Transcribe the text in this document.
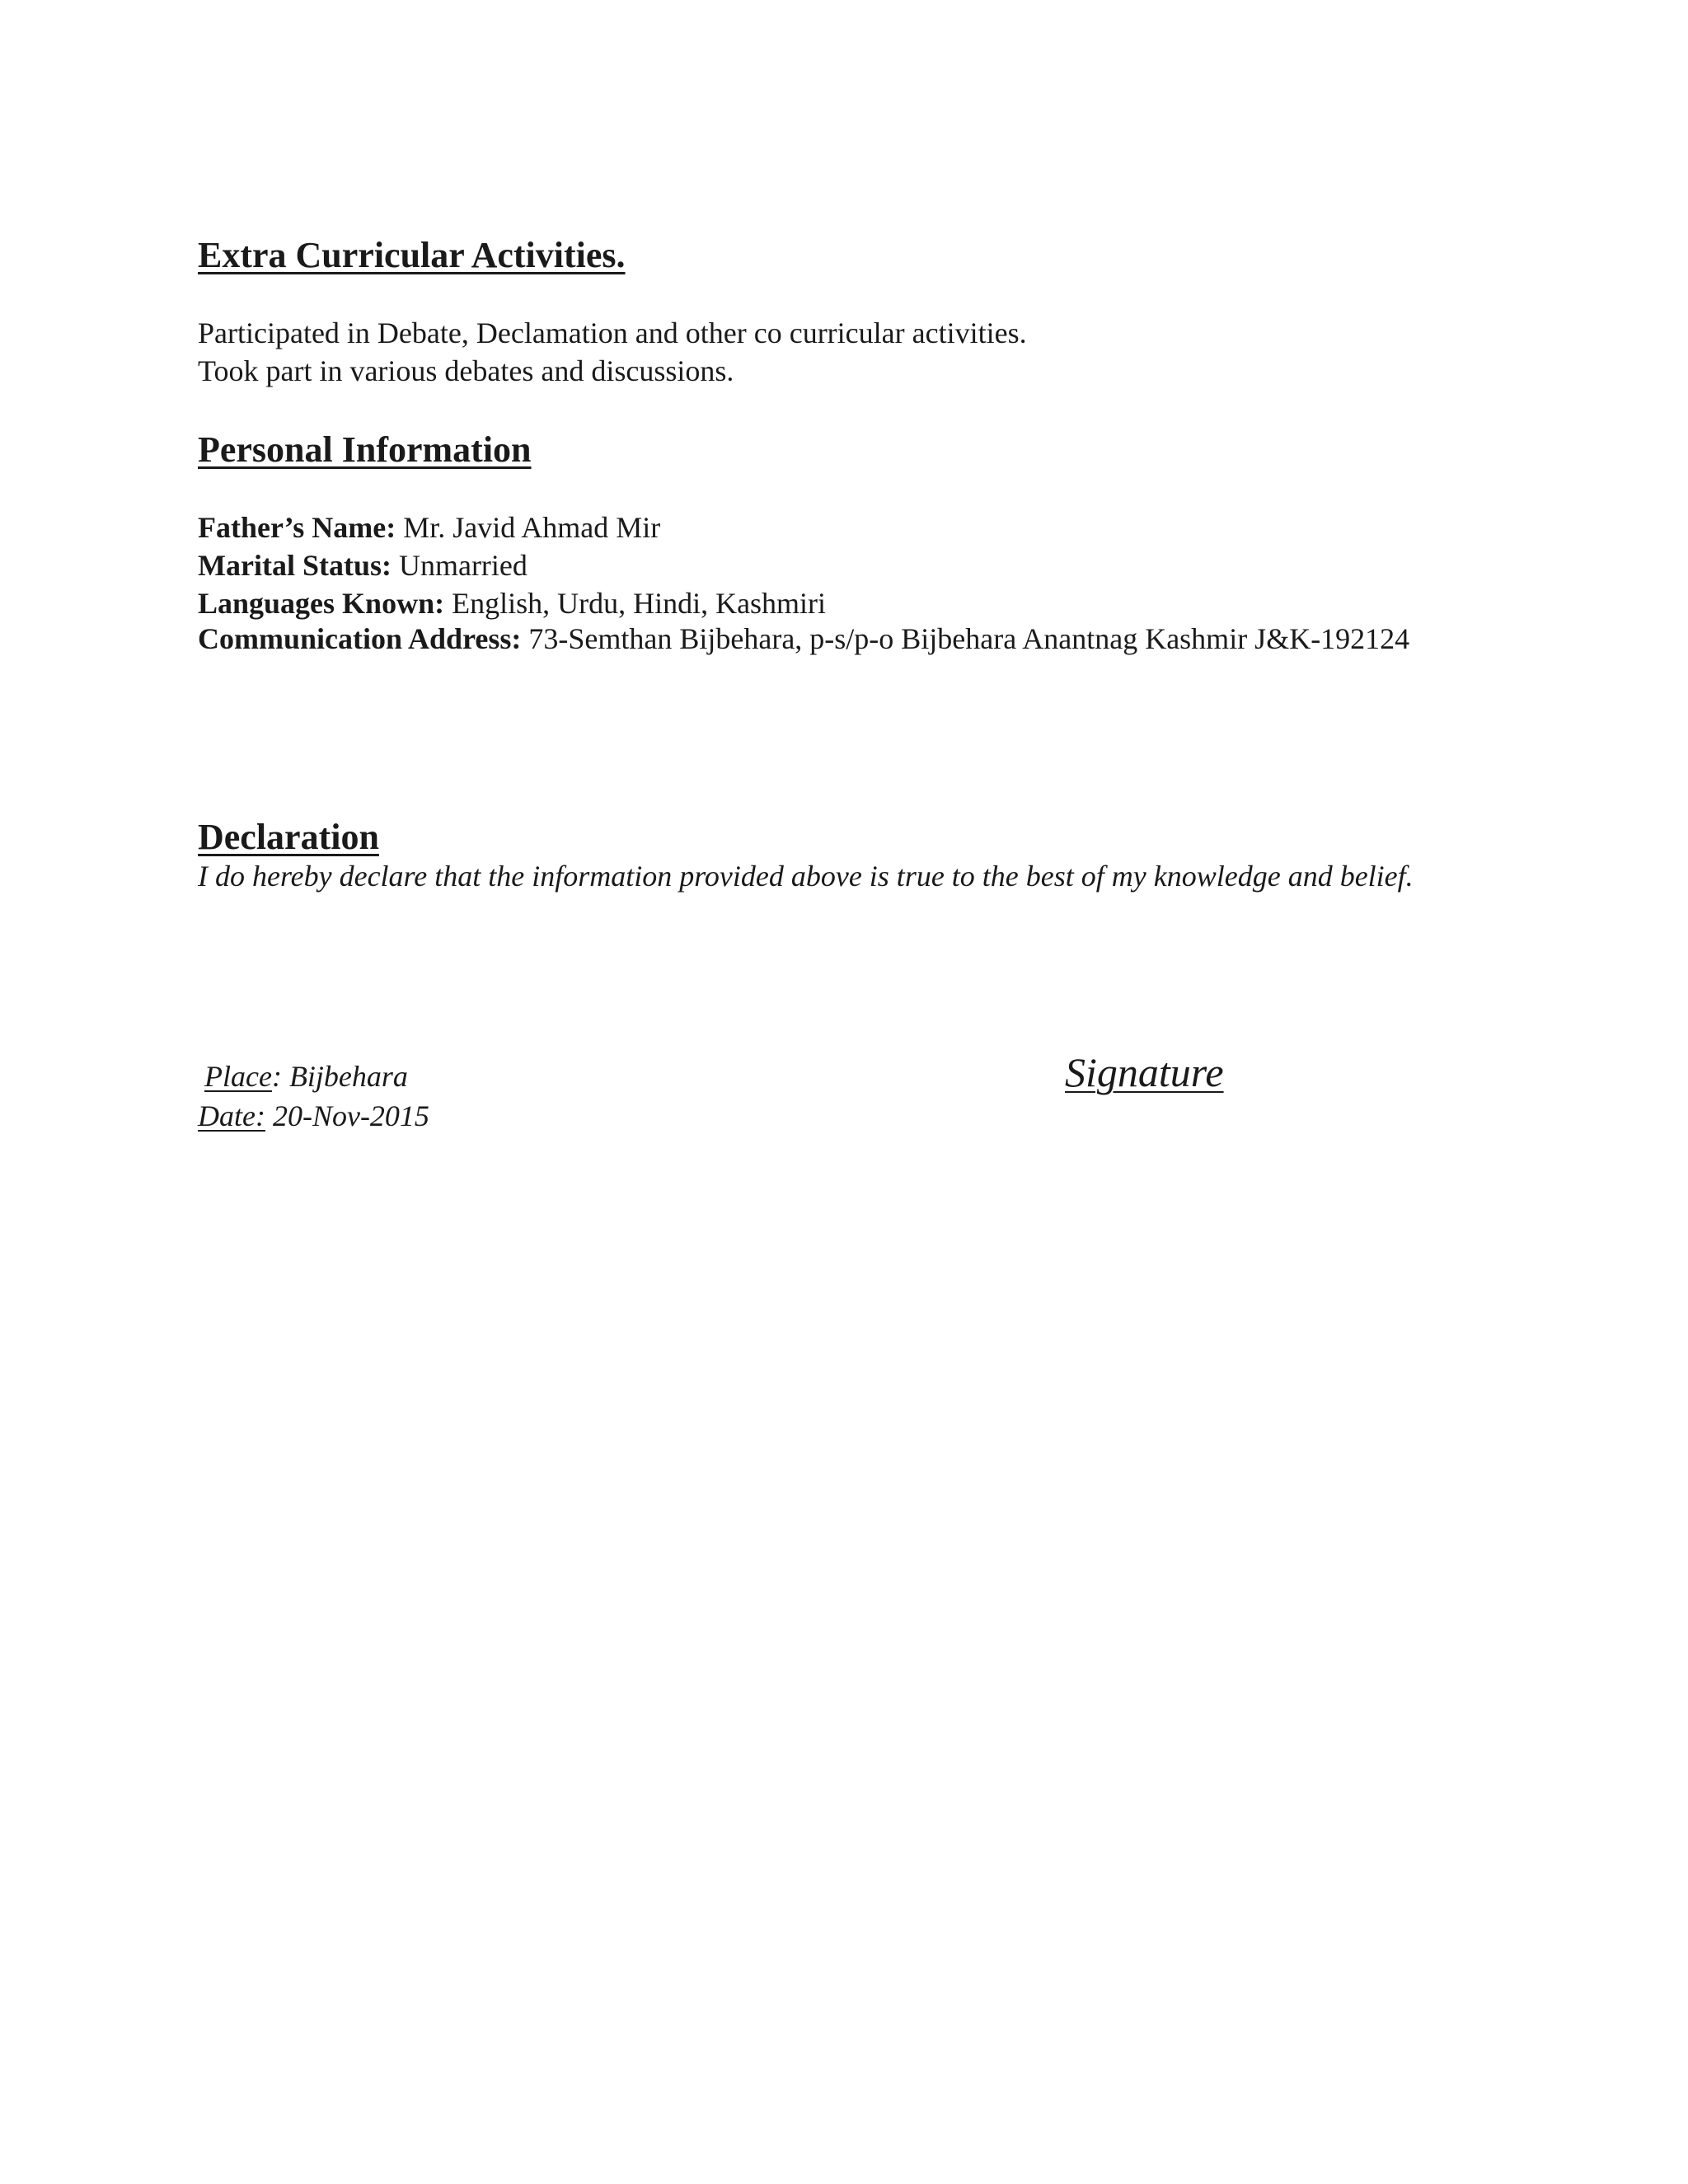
Extra Curricular Activities.
Participated in Debate, Declamation and other co curricular activities.
Took part in various debates and discussions.
Personal Information
Father’s Name: Mr. Javid Ahmad Mir
Marital Status: Unmarried
Languages Known: English, Urdu, Hindi, Kashmiri
Communication Address: 73-Semthan Bijbehara, p-s/p-o Bijbehara Anantnag Kashmir J&K-192124
Declaration
I do hereby declare that the information provided above is true to the best of my knowledge and belief.
Place: Bijbehara
Date: 20-Nov-2015
Signature
